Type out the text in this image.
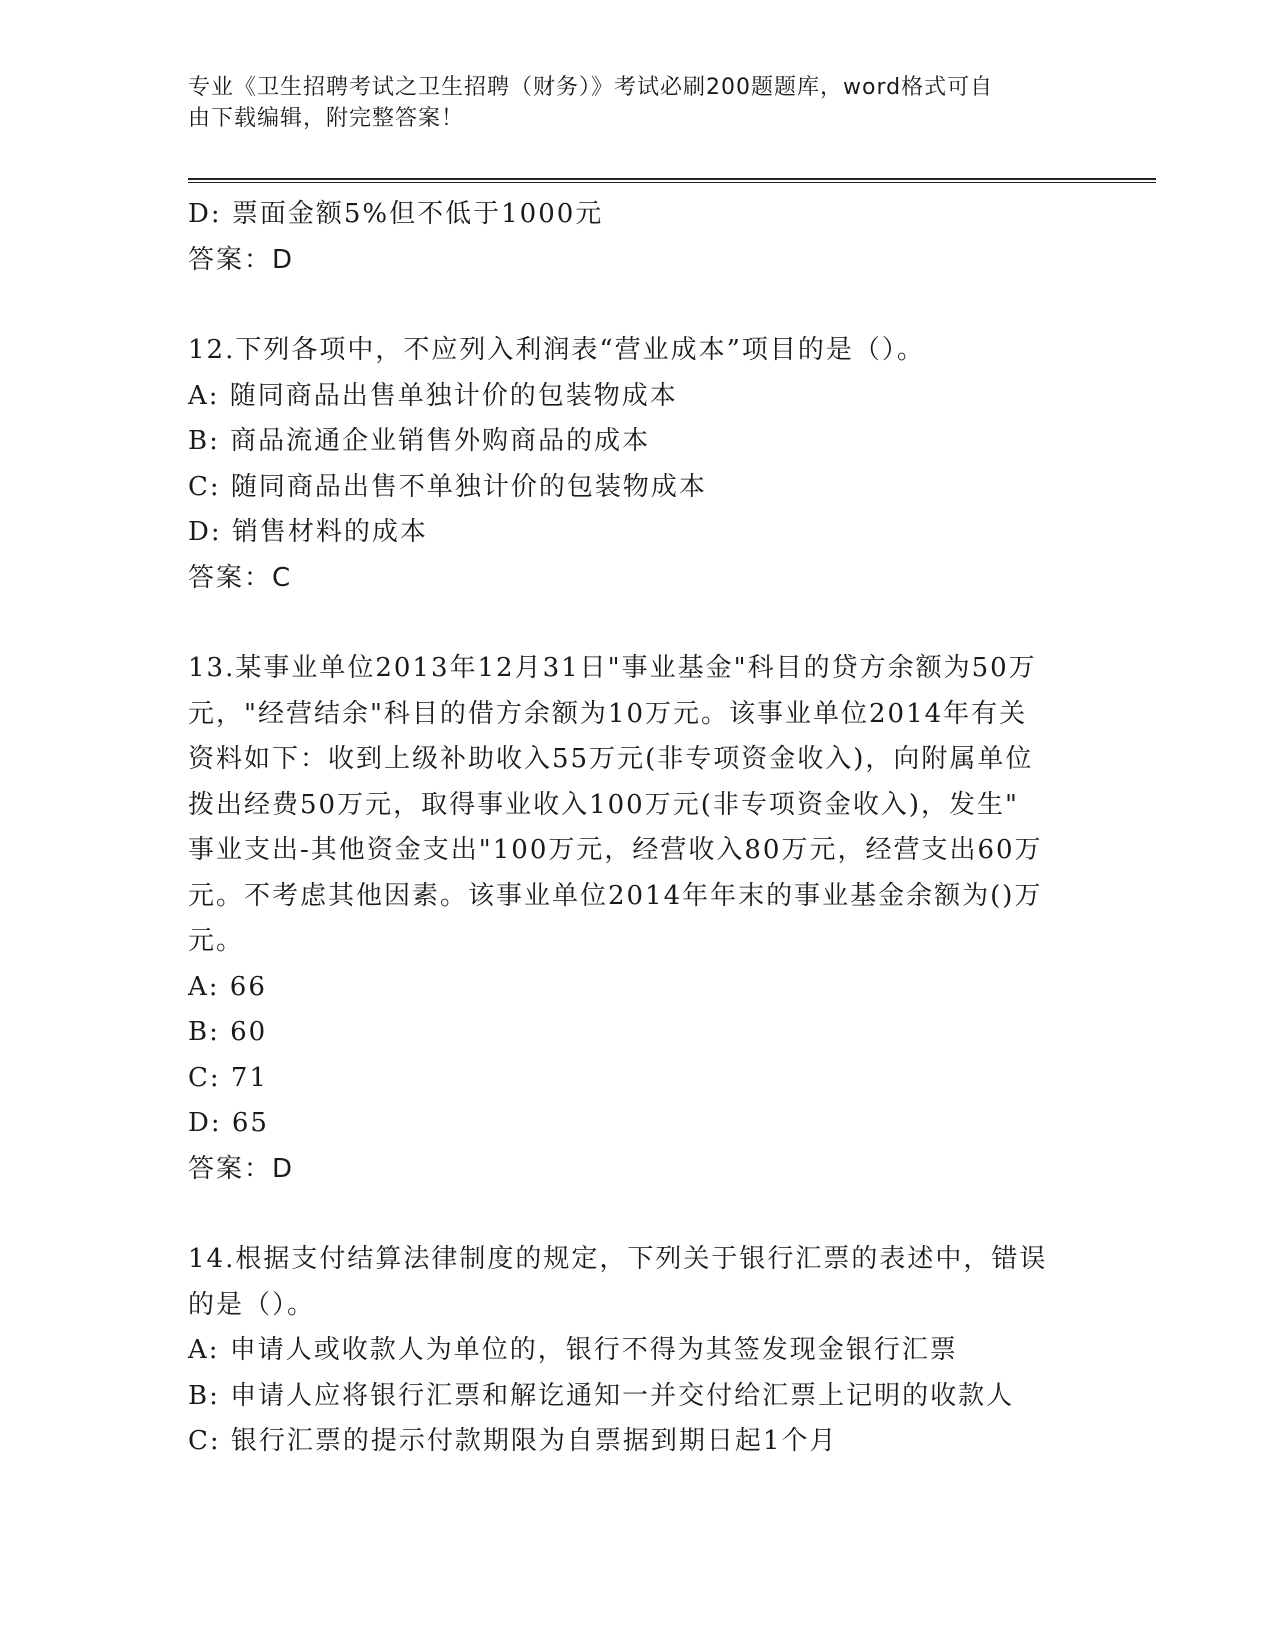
专业《卫生招聘考试之卫生招聘（财务）》考试必刷200题题库，word格式可自
由下载编辑，附完整答案！
D: 票面金额5%但不低于1000元
答案：D
12.下列各项中，不应列入利润表“营业成本”项目的是（）。
A: 随同商品出售单独计价的包装物成本
B: 商品流通企业销售外购商品的成本
C: 随同商品出售不单独计价的包装物成本
D: 销售材料的成本
答案：C
13.某事业单位2013年12月31日"事业基金"科目的贷方余额为50万
元，"经营结余"科目的借方余额为10万元。该事业单位2014年有关
资料如下：收到上级补助收入55万元(非专项资金收入)，向附属单位
拨出经费50万元，取得事业收入100万元(非专项资金收入)，发生"
事业支出-其他资金支出"100万元，经营收入80万元，经营支出60万
元。不考虑其他因素。该事业单位2014年年末的事业基金余额为()万
元。
A: 66
B: 60
C: 71
D: 65
答案：D
14.根据支付结算法律制度的规定，下列关于银行汇票的表述中，错误
的是（）。
A: 申请人或收款人为单位的，银行不得为其签发现金银行汇票
B: 申请人应将银行汇票和解讫通知一并交付给汇票上记明的收款人
C: 银行汇票的提示付款期限为自票据到期日起1个月
